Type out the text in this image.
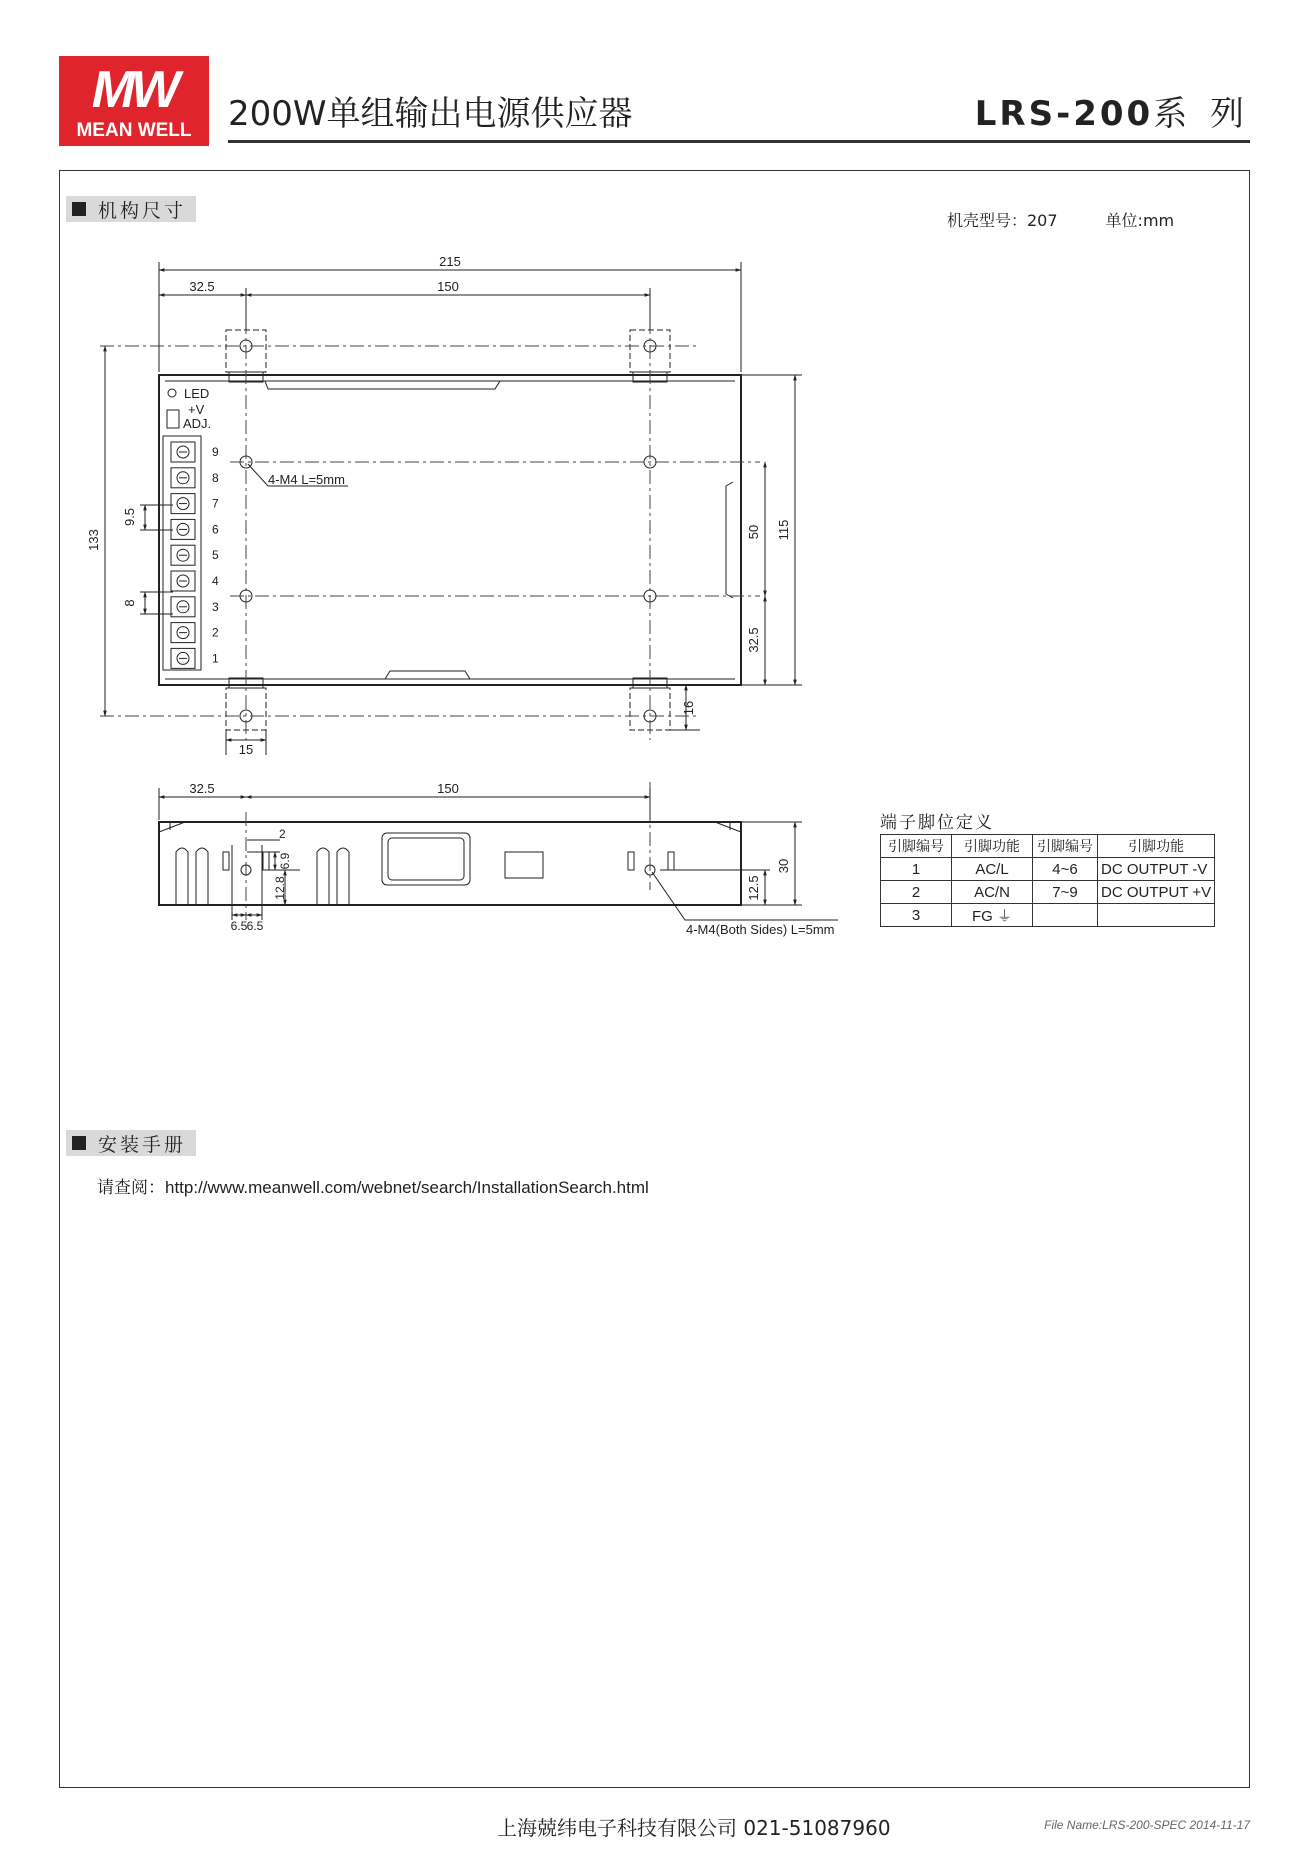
MW
MEAN WELL	200W单组输出电源供应器	LRS-200系 列
机构尺寸	机壳型号：207	单位:mm
215
32.5	150
133	115
50
32.5
16
15
9.5
8
LED
+V
ADJ.
4-M4 L=5mm
32.5	150
30
12.5
2
6.9
12.8
6.5 6.5	4-M4(Both Sides) L=5mm
9
8
7
6
5
4
3
2
1
端子脚位定义
引脚编号	引脚功能	引脚编号	引脚功能
1	AC/L	4~6	DC OUTPUT -V
2	AC/N	7~9	DC OUTPUT +V
3	FG ⏚		
安装手册
请查阅：http://www.meanwell.com/webnet/search/InstallationSearch.html
上海兢纬电子科技有限公司 021-51087960	File Name:LRS-200-SPEC 2014-11-17
